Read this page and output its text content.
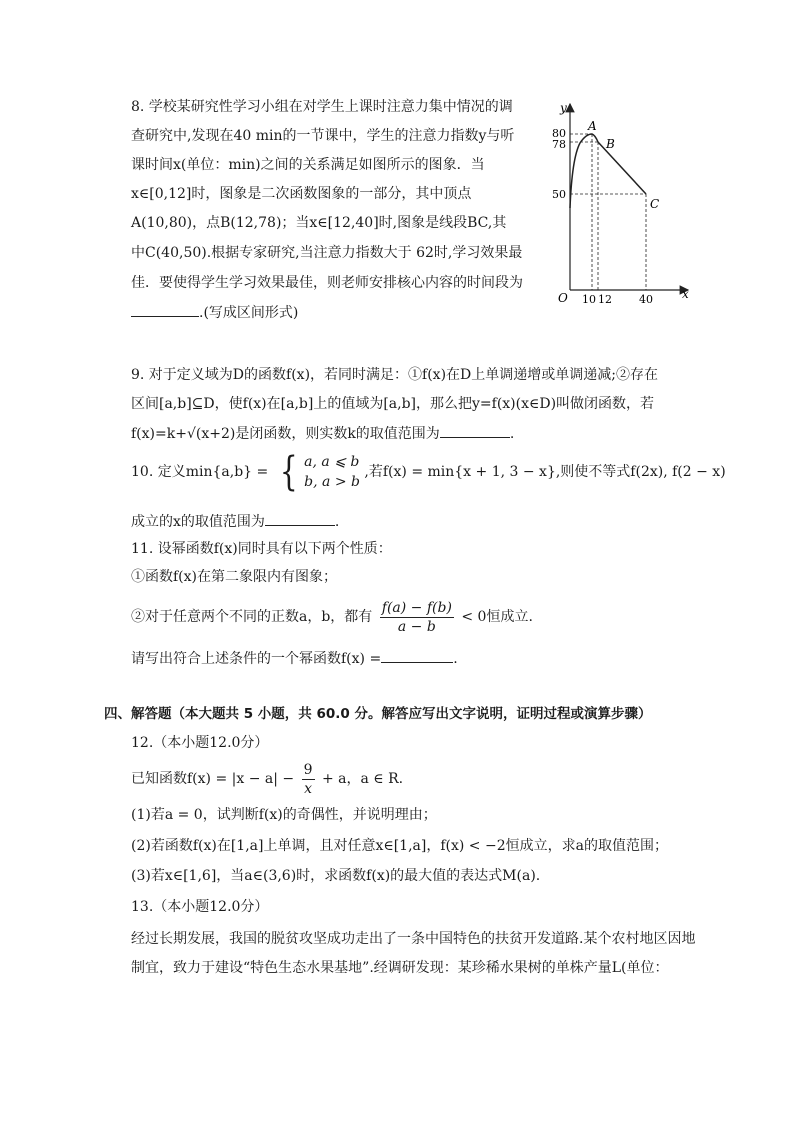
8. 学校某研究性学习小组在对学生上课时注意力集中情况的调
查研究中,发现在40 min的一节课中，学生的注意力指数y与听
课时间x(单位：min)之间的关系满足如图所示的图象．当
x∈[0,12]时，图象是二次函数图象的一部分，其中顶点
A(10,80)，点B(12,78)；当x∈[12,40]时,图象是线段BC,其
中C(40,50).根据专家研究,当注意力指数大于 62时,学习效果最
佳．要使得学生学习效果最佳，则老师安排核心内容的时间段为
.(写成区间形式)
y
x
O
80
78
50
10 12 40
A
B
C
9. 对于定义域为D的函数f(x)，若同时满足：①f(x)在D上单调递增或单调递减;②存在
区间[a,b]⊆D，使f(x)在[a,b]上的值域为[a,b]，那么把y=f(x)(x∈D)叫做闭函数，若
f(x)=k+√(x+2)是闭函数，则实数k的取值范围为	.
10. 定义min{a,b} = { a, a ⩽ b
b, a > b
,若f(x) = min{x + 1, 3 − x},则使不等式f(2x), f(2 − x)
成立的x的取值范围为	.
11. 设幂函数f(x)同时具有以下两个性质：
①函数f(x)在第二象限内有图象；
②对于任意两个不同的正数a，b，都有 $\frac{f(a) - f(b)}{a - b} < 0$恒成立.
请写出符合上述条件的一个幂函数f(x) =	.
四、解答题（本大题共 5 小题，共 60.0 分。解答应写出文字说明，证明过程或演算步骤）
12.（本小题12.0分）
已知函数$f(x) = |x - a| - \frac{9}{x} + a$，a ∈ R.
(1)若a = 0，试判断f(x)的奇偶性，并说明理由；
(2)若函数f(x)在[1,a]上单调，且对任意x∈[1,a]，f(x) < −2恒成立，求a的取值范围；
(3)若x∈[1,6]，当a∈(3,6)时，求函数f(x)的最大值的表达式M(a).
13.（本小题12.0分）
经过长期发展，我国的脱贫攻坚成功走出了一条中国特色的扶贫开发道路.某个农村地区因地
制宜，致力于建设“特色生态水果基地”.经调研发现：某珍稀水果树的单株产量L(单位：
